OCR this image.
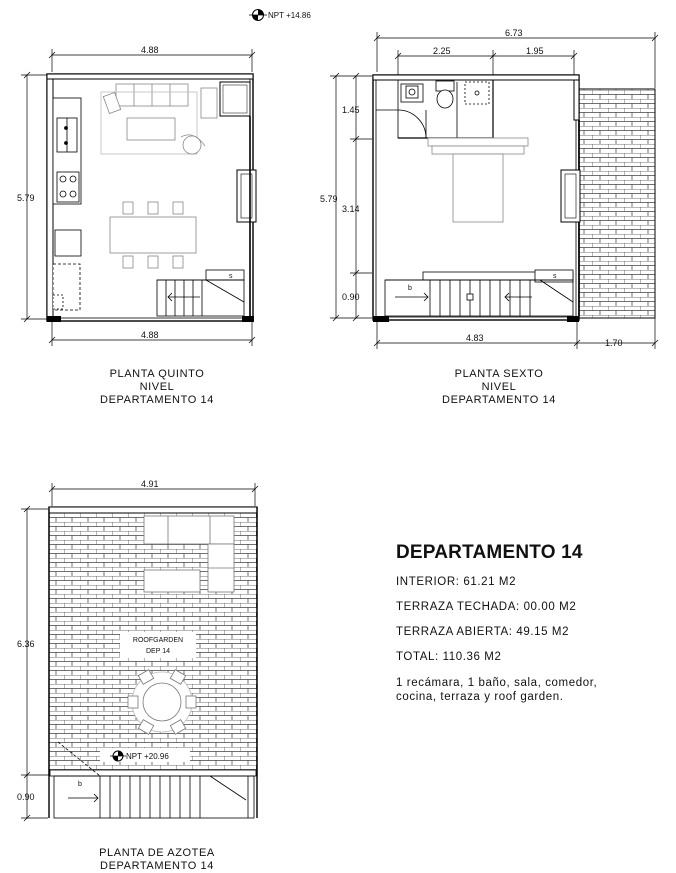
NPT +14.86
4.88
5.79
s
4.88
6.73
2.25	1.95
5.79
1.45
3.14
0.90
b
s
4.83	1.70
4.91
6.36
0.90
ROOFGARDEN
DEP 14
NPT +20.96
b
PLANTA QUINTO
NIVEL
DEPARTAMENTO 14
PLANTA SEXTO
NIVEL
DEPARTAMENTO 14
PLANTA DE AZOTEA
DEPARTAMENTO 14
DEPARTAMENTO 14
INTERIOR: 61.21 M2
TERRAZA TECHADA: 00.00 M2
TERRAZA ABIERTA: 49.15 M2
TOTAL: 110.36 M2
1 recámara, 1 baño, sala, comedor, cocina, terraza y roof garden.
